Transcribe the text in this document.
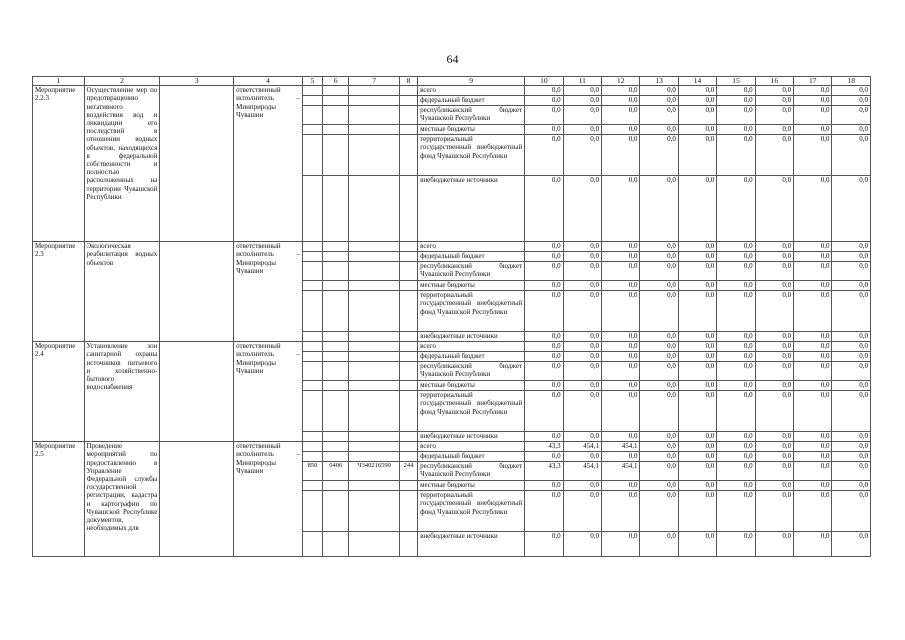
64
1	2	3	4	5	6	7	8	9	10	11	12	13	14	15	16	17	18
Мероприятие 2.2.3	Осуществление мер по предотвращению негативного воздействия вод и ликвидации его последствий в отношении водных объектов, находящихся в федеральной собственности и полностью расположенных на территории Чувашской Республики		ответственный исполнитель – Минприроды Чувашии					всего	0,0	0,0	0,0	0,0	0,0	0,0	0,0	0,0	0,0
								федеральный бюджет	0,0	0,0	0,0	0,0	0,0	0,0	0,0	0,0	0,0
								республиканский бюджет Чувашской Республики	0,0	0,0	0,0	0,0	0,0	0,0	0,0	0,0	0,0
								местные бюджеты	0,0	0,0	0,0	0,0	0,0	0,0	0,0	0,0	0,0
								территориальный государственный внебюджетный фонд Чувашской Республики	0,0	0,0	0,0	0,0	0,0	0,0	0,0	0,0	0,0
								внебюджетные источники	0,0	0,0	0,0	0,0	0,0	0,0	0,0	0,0	0,0
Мероприятие 2.3	Экологическая реабилитация водных объектов		ответственный исполнитель – Минприроды Чувашии					всего	0,0	0,0	0,0	0,0	0,0	0,0	0,0	0,0	0,0
								федеральный бюджет	0,0	0,0	0,0	0,0	0,0	0,0	0,0	0,0	0,0
								республиканский бюджет Чувашской Республики	0,0	0,0	0,0	0,0	0,0	0,0	0,0	0,0	0,0
								местные бюджеты	0,0	0,0	0,0	0,0	0,0	0,0	0,0	0,0	0,0
								территориальный государственный внебюджетный фонд Чувашской Республики	0,0	0,0	0,0	0,0	0,0	0,0	0,0	0,0	0,0
								внебюджетные источники	0,0	0,0	0,0	0,0	0,0	0,0	0,0	0,0	0,0
Мероприятие 2.4	Установление зон санитарной охраны источников питьевого и хозяйственно-бытового водоснабжения		ответственный исполнитель – Минприроды Чувашии					всего	0,0	0,0	0,0	0,0	0,0	0,0	0,0	0,0	0,0
								федеральный бюджет	0,0	0,0	0,0	0,0	0,0	0,0	0,0	0,0	0,0
								республиканский бюджет Чувашской Республики	0,0	0,0	0,0	0,0	0,0	0,0	0,0	0,0	0,0
								местные бюджеты	0,0	0,0	0,0	0,0	0,0	0,0	0,0	0,0	0,0
								территориальный государственный внебюджетный фонд Чувашской Республики	0,0	0,0	0,0	0,0	0,0	0,0	0,0	0,0	0,0
								внебюджетные источники	0,0	0,0	0,0	0,0	0,0	0,0	0,0	0,0	0,0
Мероприятие 2.5	Проведение мероприятий по предоставлению в Управление Федеральной службы государственной регистрации, кадастра и картографии по Чувашской Республике документов, необходимых для		ответственный исполнитель – Минприроды Чувашии					всего	43,3	454,1	454,1	0,0	0,0	0,0	0,0	0,0	0,0
								федеральный бюджет	0,0	0,0	0,0	0,0	0,0	0,0	0,0	0,0	0,0
				850	0406	Ч340216590	244	республиканский бюджет Чувашской Республики	43,3	454,1	454,1	0,0	0,0	0,0	0,0	0,0	0,0
								местные бюджеты	0,0	0,0	0,0	0,0	0,0	0,0	0,0	0,0	0,0
								территориальный государственный внебюджетный фонд Чувашской Республики	0,0	0,0	0,0	0,0	0,0	0,0	0,0	0,0	0,0
								внебюджетные источники	0,0	0,0	0,0	0,0	0,0	0,0	0,0	0,0	0,0
